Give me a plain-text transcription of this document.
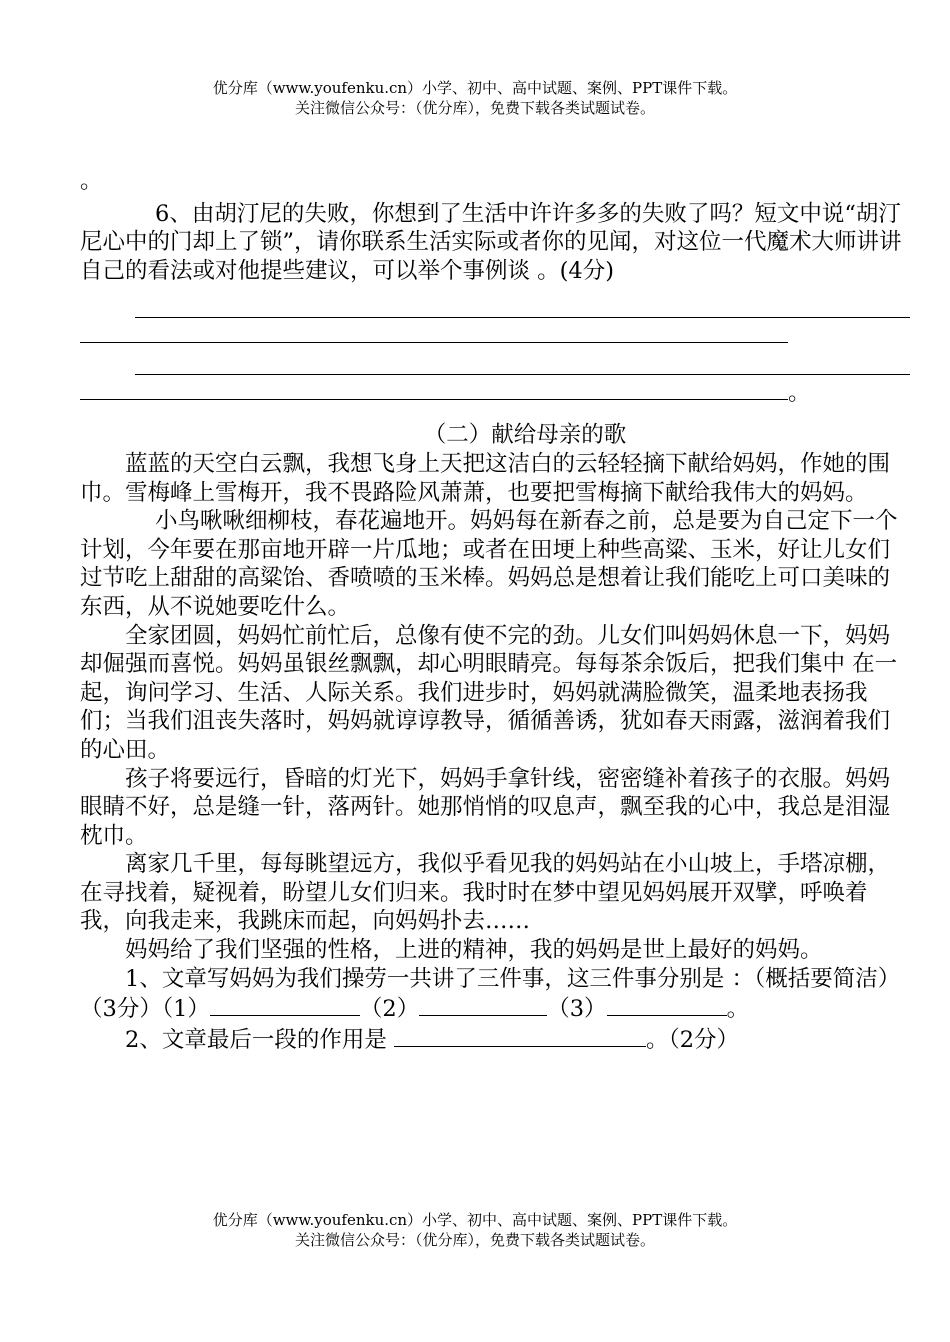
优分库（www.youfenku.cn）小学、初中、高中试题、案例、PPT课件下载。
关注微信公众号：（优分库），免费下载各类试题试卷。

。

6、由胡汀尼的失败，你想到了生活中许许多多的失败了吗？短文中说“胡汀尼心中的门却上了锁”，请你联系生活实际或者你的见闻，对这位一代魔术大师讲讲自己的看法或对他提些建议，可以举个事例谈 。(4分)

。

（二）献给母亲的歌

蓝蓝的天空白云飘，我想飞身上天把这洁白的云轻轻摘下献给妈妈，作她的围巾。雪梅峰上雪梅开，我不畏路险风萧萧，也要把雪梅摘下献给我伟大的妈妈。

小鸟啾啾细柳枝，春花遍地开。妈妈每在新春之前，总是要为自己定下一个计划，今年要在那亩地开辟一片瓜地；或者在田埂上种些高粱、玉米，好让儿女们过节吃上甜甜的高粱饴、香喷喷的玉米棒。妈妈总是想着让我们能吃上可口美味的东西，从不说她要吃什么。

全家团圆，妈妈忙前忙后，总像有使不完的劲。儿女们叫妈妈休息一下，妈妈却倔强而喜悦。妈妈虽银丝飘飘，却心明眼睛亮。每每茶余饭后，把我们集中 在一起，询问学习、生活、人际关系。我们进步时，妈妈就满脸微笑，温柔地表扬我们；当我们沮丧失落时，妈妈就谆谆教导，循循善诱，犹如春天雨露，滋润着我们的心田。

孩子将要远行，昏暗的灯光下，妈妈手拿针线，密密缝补着孩子的衣服。妈妈眼睛不好，总是缝一针，落两针。她那悄悄的叹息声，飘至我的心中，我总是泪湿枕巾。

离家几千里，每每眺望远方，我似乎看见我的妈妈站在小山坡上，手塔凉棚，在寻找着，疑视着，盼望儿女们归来。我时时在梦中望见妈妈展开双擘，呼唤着我，向我走来，我跳床而起，向妈妈扑去……

妈妈给了我们坚强的性格，上进的精神，我的妈妈是世上最好的妈妈。

1、文章写妈妈为我们操劳一共讲了三件事，这三件事分别是 ：（概括要简洁）（3分）（1）	（2）	（3）	。

2、文章最后一段的作用是	。（2分）

优分库（www.youfenku.cn）小学、初中、高中试题、案例、PPT课件下载。
关注微信公众号：（优分库），免费下载各类试题试卷。
